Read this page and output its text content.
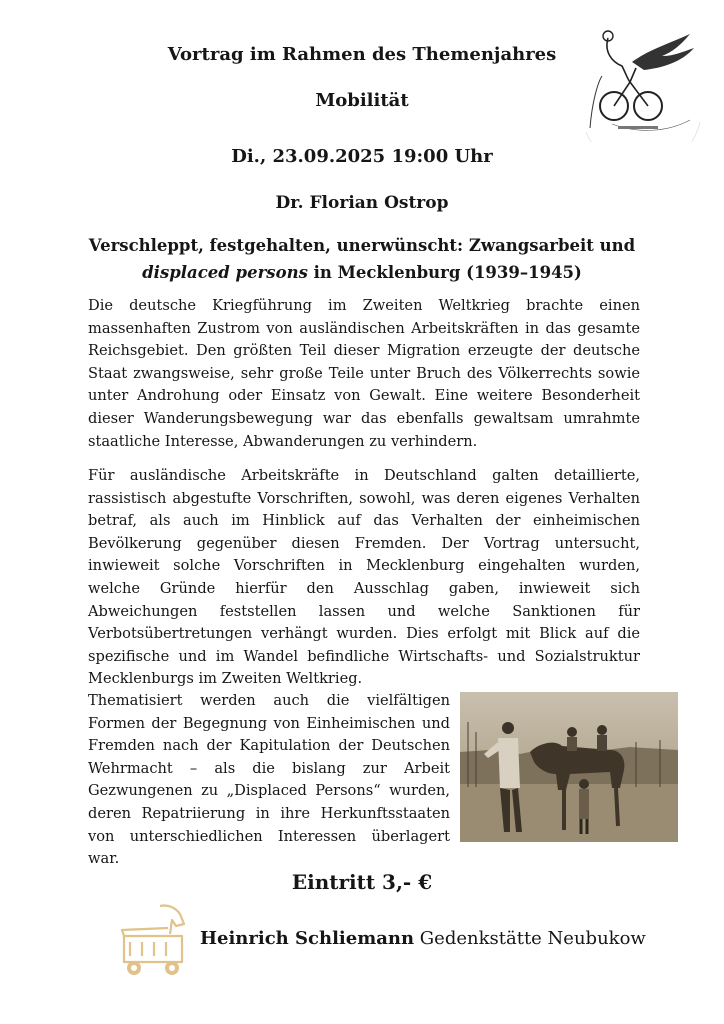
Vortrag im Rahmen des Themenjahres
Mobilität
Di., 23.09.2025 19:00 Uhr
Dr. Florian Ostrop
Verschleppt, festgehalten, unerwünscht: Zwangsarbeit und
displaced persons in Mecklenburg (1939–1945)

Die deutsche Kriegführung im Zweiten Weltkrieg brachte einen massenhaften Zustrom von ausländischen Arbeitskräften in das gesamte Reichsgebiet. Den größten Teil dieser Migration erzeugte der deutsche Staat zwangsweise, sehr große Teile unter Bruch des Völkerrechts sowie unter Androhung oder Einsatz von Gewalt. Eine weitere Besonderheit dieser Wanderungsbewegung war das ebenfalls gewaltsam umrahmte staatliche Interesse, Abwanderungen zu verhindern.

Für ausländische Arbeitskräfte in Deutschland galten detaillierte, rassistisch abgestufte Vorschriften, sowohl, was deren eigenes Verhalten betraf, als auch im Hinblick auf das Verhalten der einheimischen Bevölkerung gegenüber diesen Fremden. Der Vortrag untersucht, inwieweit solche Vorschriften in Mecklenburg eingehalten wurden, welche Gründe hierfür den Ausschlag gaben, inwieweit sich Abweichungen feststellen lassen und welche Sanktionen für Verbotsübertretungen verhängt wurden. Dies erfolgt mit Blick auf die spezifische und im Wandel befindliche Wirtschafts- und Sozialstruktur Mecklenburgs im Zweiten Weltkrieg.

Thematisiert werden auch die vielfältigen Formen der Begegnung von Einheimischen und Fremden nach der Kapitulation der Deutschen Wehrmacht – als die bislang zur Arbeit Gezwungenen zu „Displaced Persons“ wurden, deren Repatriierung in ihre Herkunftsstaaten von unterschiedlichen Interessen überlagert war.

Eintritt 3,- €
Heinrich Schliemann Gedenkstätte Neubukow
